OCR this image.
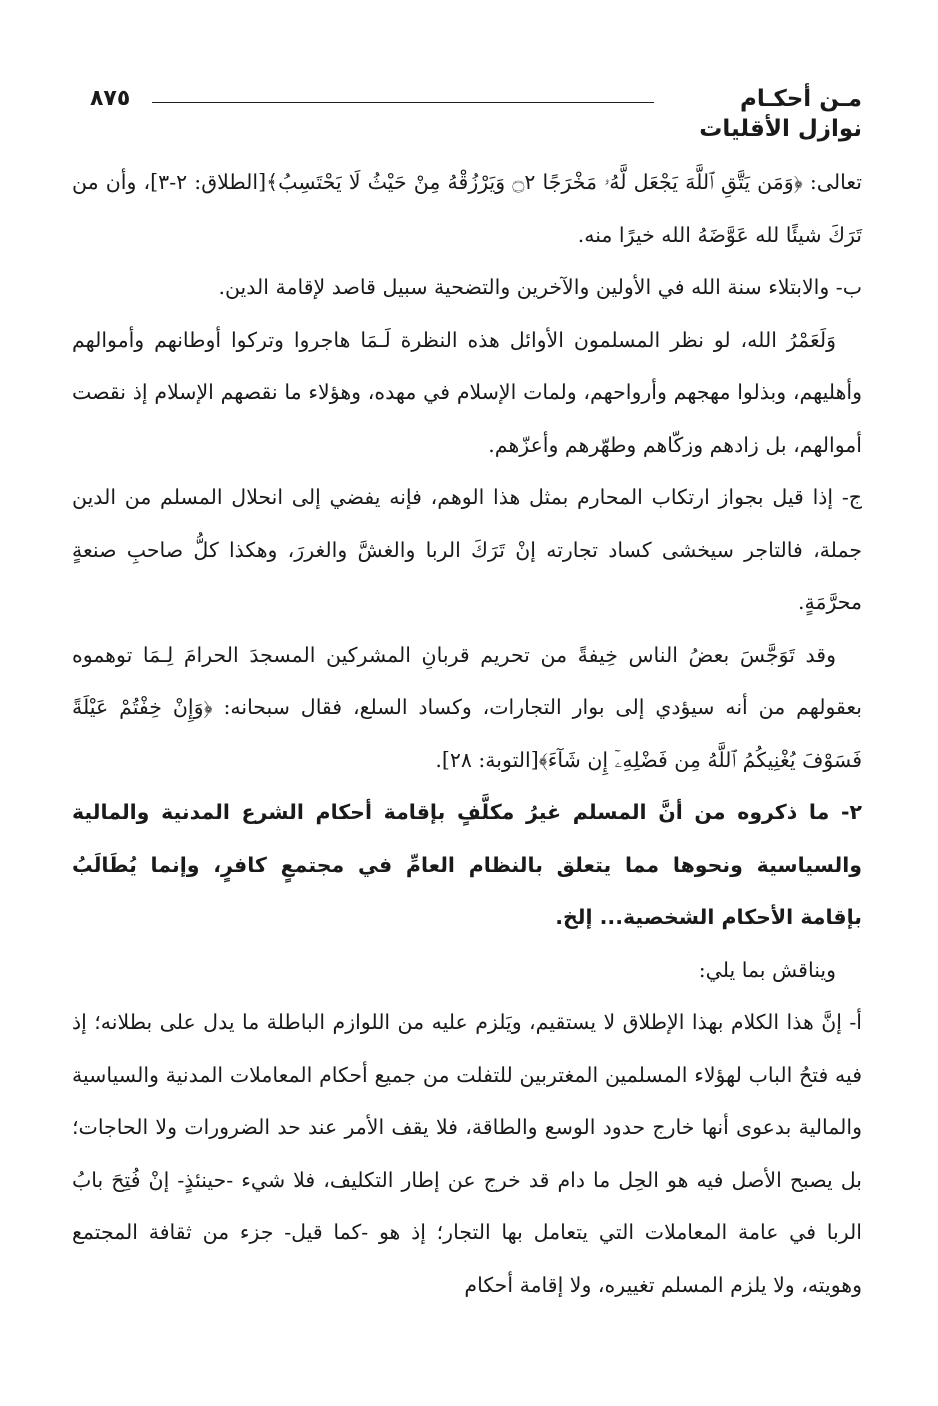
مـن أحكـام
نوازل الأقليات
٨٧٥

تعالى: ﴿وَمَن يَتَّقِ ٱللَّهَ يَجْعَل لَّهُۥ مَخْرَجًا ۝٢ وَيَرْزُقْهُ مِنْ حَيْثُ لَا يَحْتَسِبُ﴾[الطلاق: ٢-٣]، وأن من تَرَكَ شيئًا لله عَوَّضَهُ الله خيرًا منه.

ب- والابتلاء سنة الله في الأولين والآخرين والتضحية سبيل قاصد لإقامة الدين.

وَلَعَمْرُ الله، لو نظر المسلمون الأوائل هذه النظرة لَـمَا هاجروا وتركوا أوطانهم وأموالهم وأهليهم، وبذلوا مهجهم وأرواحهم، ولمات الإسلام في مهده، وهؤلاء ما نقصهم الإسلام إذ نقصت أموالهم، بل زادهم وزكّاهم وطهّرهم وأعزّهم.

ج- إذا قيل بجواز ارتكاب المحارم بمثل هذا الوهم، فإنه يفضي إلى انحلال المسلم من الدين جملة، فالتاجر سيخشى كساد تجارته إنْ تَرَكَ الربا والغشَّ والغررَ، وهكذا كلُّ صاحبِ صنعةٍ محرَّمَةٍ.

وقد تَوَجَّسَ بعضُ الناس خِيفةً من تحريم قربانِ المشركين المسجدَ الحرامَ لِـمَا توهموه بعقولهم من أنه سيؤدي إلى بوار التجارات، وكساد السلع، فقال سبحانه: ﴿وَإِنْ خِفْتُمْ عَيْلَةً فَسَوْفَ يُغْنِيكُمُ ٱللَّهُ مِن فَضْلِهِۦٓ إِن شَآءَ﴾[التوبة: ٢٨].

٢- ما ذكروه من أنَّ المسلم غيرُ مكلَّفٍ بإقامة أحكام الشرع المدنية والمالية والسياسية ونحوها مما يتعلق بالنظام العامِّ في مجتمعٍ كافرٍ، وإنما يُطَالَبُ بإقامة الأحكام الشخصية... إلخ.

ويناقش بما يلي:

أ- إنَّ هذا الكلام بهذا الإطلاق لا يستقيم، ويَلزم عليه من اللوازم الباطلة ما يدل على بطلانه؛ إذ فيه فتحُ الباب لهؤلاء المسلمين المغتربين للتفلت من جميع أحكام المعاملات المدنية والسياسية والمالية بدعوى أنها خارج حدود الوسع والطاقة، فلا يقف الأمر عند حد الضرورات ولا الحاجات؛ بل يصبح الأصل فيه هو الحِل ما دام قد خرج عن إطار التكليف، فلا شيء -حينئذٍ- إنْ فُتِحَ بابُ الربا في عامة المعاملات التي يتعامل بها التجار؛ إذ هو -كما قيل- جزء من ثقافة المجتمع وهويته، ولا يلزم المسلم تغييره، ولا إقامة أحكام
